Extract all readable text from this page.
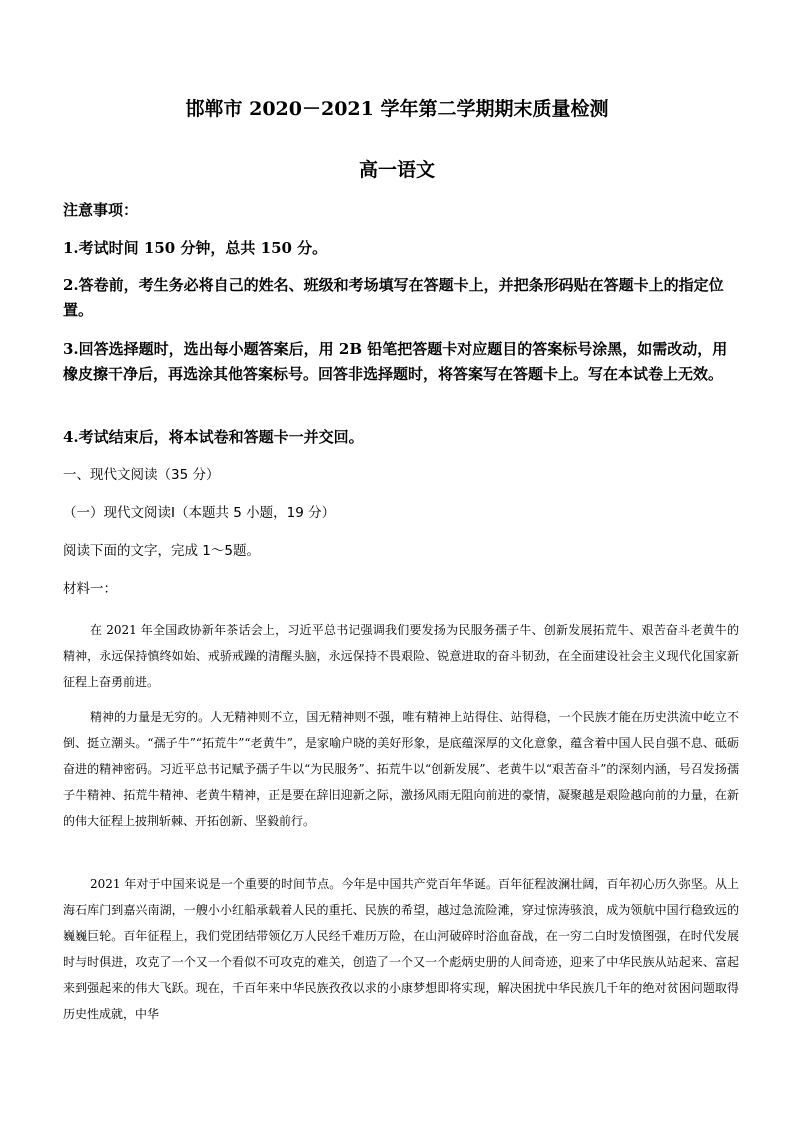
邯郸市 2020－2021 学年第二学期期末质量检测
高一语文
注意事项：
1.考试时间 150 分钟，总共 150 分。
2.答卷前，考生务必将自己的姓名、班级和考场填写在答题卡上，并把条形码贴在答题卡上的指定位置。
3.回答选择题时，选出每小题答案后，用 2B 铅笔把答题卡对应题目的答案标号涂黑，如需改动，用橡皮擦干净后，再选涂其他答案标号。回答非选择题时，将答案写在答题卡上。写在本试卷上无效。
4.考试结束后，将本试卷和答题卡一并交回。
一、现代文阅读（35 分）
（一）现代文阅读Ⅰ（本题共 5 小题，19 分）
阅读下面的文字，完成 1～5题。
材料一：
在 2021 年全国政协新年茶话会上，习近平总书记强调我们要发扬为民服务孺子牛、创新发展拓荒牛、艰苦奋斗老黄牛的精神，永远保持慎终如始、戒骄戒躁的清醒头脑，永远保持不畏艰险、锐意进取的奋斗韧劲，在全面建设社会主义现代化国家新征程上奋勇前进。
精神的力量是无穷的。人无精神则不立，国无精神则不强，唯有精神上站得住、站得稳，一个民族才能在历史洪流中屹立不倒、挺立潮头。“孺子牛”“拓荒牛”“老黄牛”，是家喻户晓的美好形象，是底蕴深厚的文化意象，蕴含着中国人民自强不息、砥砺奋进的精神密码。习近平总书记赋予孺子牛以“为民服务”、拓荒牛以“创新发展”、老黄牛以“艰苦奋斗”的深刻内涵，号召发扬孺子牛精神、拓荒牛精神、老黄牛精神，正是要在辞旧迎新之际，激扬风雨无阻向前进的豪情，凝聚越是艰险越向前的力量，在新的伟大征程上披荆斩棘、开拓创新、坚毅前行。
2021 年对于中国来说是一个重要的时间节点。今年是中国共产党百年华诞。百年征程波澜壮阔，百年初心历久弥坚。从上海石库门到嘉兴南湖，一艘小小红船承载着人民的重托、民族的希望，越过急流险滩，穿过惊涛骇浪，成为领航中国行稳致远的巍巍巨轮。百年征程上，我们党团结带领亿万人民经千难历万险，在山河破碎时浴血奋战，在一穷二白时发愤图强，在时代发展时与时俱进，攻克了一个又一个看似不可攻克的难关，创造了一个又一个彪炳史册的人间奇迹，迎来了中华民族从站起来、富起来到强起来的伟大飞跃。现在，千百年来中华民族孜孜以求的小康梦想即将实现，解决困扰中华民族几千年的绝对贫困问题取得历史性成就，中华
